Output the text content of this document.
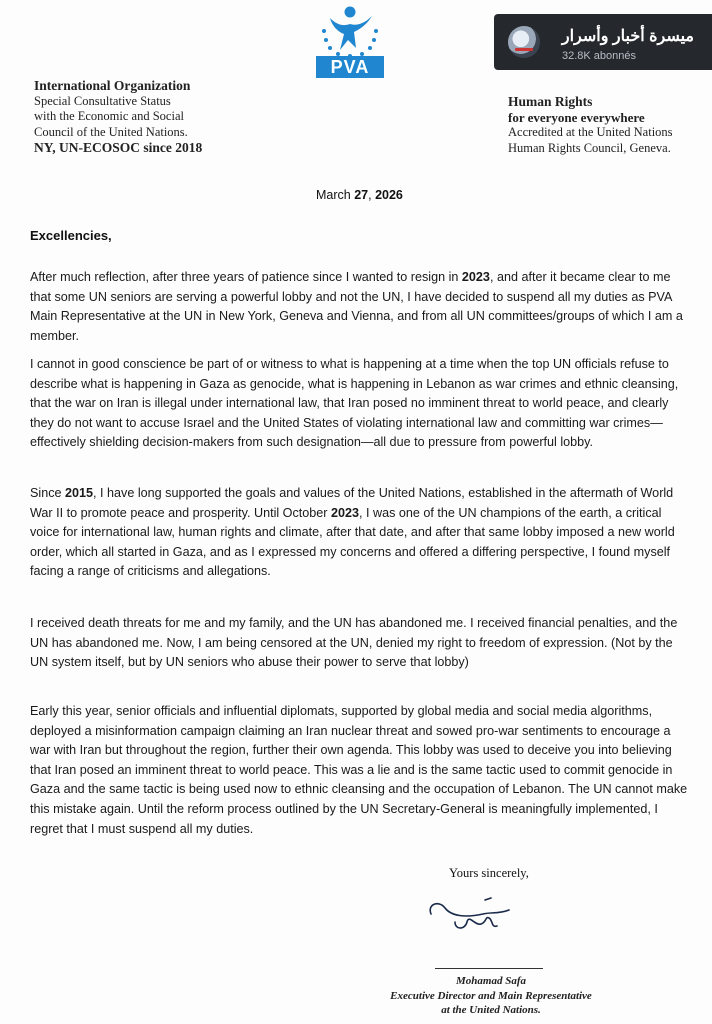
ميسرة أخبار وأسرار
32.8K abonnés
PVA
International Organization
Special Consultative Status
with the Economic and Social
Council of the United Nations.
NY, UN-ECOSOC since 2018
Human Rights
for everyone everywhere
Accredited at the United Nations
Human Rights Council, Geneva.
March 27, 2026
Excellencies,

After much reflection, after three years of patience since I wanted to resign in 2023, and after it became clear to me that some UN seniors are serving a powerful lobby and not the UN, I have decided to suspend all my duties as PVA Main Representative at the UN in New York, Geneva and Vienna, and from all UN committees/groups of which I am a member.

I cannot in good conscience be part of or witness to what is happening at a time when the top UN officials refuse to describe what is happening in Gaza as genocide, what is happening in Lebanon as war crimes and ethnic cleansing, that the war on Iran is illegal under international law, that Iran posed no imminent threat to world peace, and clearly they do not want to accuse Israel and the United States of violating international law and committing war crimes—effectively shielding decision-makers from such designation—all due to pressure from powerful lobby.

Since 2015, I have long supported the goals and values of the United Nations, established in the aftermath of World War II to promote peace and prosperity. Until October 2023, I was one of the UN champions of the earth, a critical voice for international law, human rights and climate, after that date, and after that same lobby imposed a new world order, which all started in Gaza, and as I expressed my concerns and offered a differing perspective, I found myself facing a range of criticisms and allegations.

I received death threats for me and my family, and the UN has abandoned me. I received financial penalties, and the UN has abandoned me. Now, I am being censored at the UN, denied my right to freedom of expression. (Not by the UN system itself, but by UN seniors who abuse their power to serve that lobby)

Early this year, senior officials and influential diplomats, supported by global media and social media algorithms, deployed a misinformation campaign claiming an Iran nuclear threat and sowed pro-war sentiments to encourage a war with Iran but throughout the region, further their own agenda. This lobby was used to deceive you into believing that Iran posed an imminent threat to world peace. This was a lie and is the same tactic used to commit genocide in Gaza and the same tactic is being used now to ethnic cleansing and the occupation of Lebanon. The UN cannot make this mistake again. Until the reform process outlined by the UN Secretary-General is meaningfully implemented, I regret that I must suspend all my duties.

Yours sincerely,
Mohamad Safa
Executive Director and Main Representative
at the United Nations.
